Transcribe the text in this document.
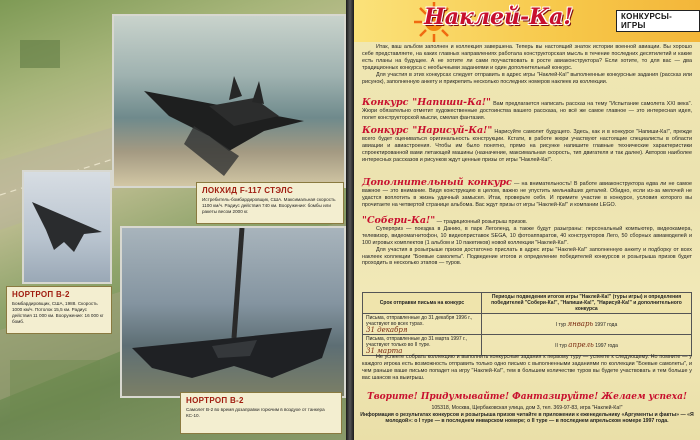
ЛОКХИД F-117 СТЭЛС
Истребитель-бомбардировщик, США. Максимальная скорость 1100 км/ч. Радиус действия 740 км. Вооружение: бомбы или ракеты весом 2000 кг.
НОРТРОП В-2
Бомбардировщик, США, 1988. Скорость 1000 км/ч. Потолок 15,5 км. Радиус действия 11 000 км. Вооружение: 16 000 кг бомб.
НОРТРОП В-2
Самолет В-2 во время дозаправки горючим в воздухе от танкера КС-10.
Наклей-Ка!	КОНКУРСЫ-ИГРЫ

Итак, ваш альбом заполнен и коллекция завершена. Теперь вы настоящий знаток истории военной авиации. Вы хорошо себе представляете, на каких главных направлениях работала конструкторская мысль в течение последних десятилетий и какие есть планы на будущее. А не хотите ли сами поучаствовать в росте авиаконструктора? Если хотите, то для вас — два традиционных конкурса с необычными заданиями и один дополнительный конкурс.

Для участия в этих конкурсах следует отправить в адрес игры "Наклей-Ка!" выполненные конкурсные задания (рассказ или рисунок), заполненную анкету и прикрепить несколько последних номеров наклеек из коллекции.

Конкурс "Напиши-Ка!" Вам предлагается написать рассказ на тему "Испытание самолета XXI века". Жюри обязательно отметит художественные достоинства вашего рассказа, но всё же самое главное — это интересная идея, полет конструкторской мысли, смелая фантазия.
Конкурс "Нарисуй-Ка!" Нарисуйте самолет будущего. Здесь, как и в конкурсе "Напиши-Ка!", прежде всего будет оцениваться оригинальность конструкции. Кстати, в работе жюри участвуют настоящие специалисты в области авиации и авиастроения. Чтобы им было понятно, прямо на рисунке напишите главные технические характеристики спроектированной вами летающей машины (назначение, максимальная скорость, тип двигателя и так далее). Авторов наиболее интересных рассказов и рисунков ждут ценные призы от игры "Наклей-Ка!".
Дополнительный конкурс — на внимательность! В работе авиаконструктора едва ли не самое важное — это внимание. Видя конструкцию в целом, важно не упустить мельчайших деталей. Обидно, если из-за мелочей не удастся воплотить в жизнь удачный замысел. Итак, проверьте себя. И примите участие в конкурсе, условия которого вы прочитаете на четвертой странице альбома. Вас ждут призы от игры "Наклей-Ка!" и компании LEGO.
"Собери-Ка!" — традиционный розыгрыш призов.

Суперприз — поездка в Данию, в парк Леголенд, а также будут разыграны: персональный компьютер, видеокамера, телевизор, видеомагнитофон, 10 видеоприставок SEGA, 10 фотоаппаратов, 40 конструкторов Лего, 50 сборных авиамоделей и 100 игровых комплектов (1 альбом и 10 пакетиков) новой коллекции "Наклей-Ка!".

Для участия в розыгрыше призов достаточно прислать в адрес игры "Наклей-Ка!" заполненную анкету и подборку от всех наклеек коллекции "Боевые самолеты". Подведение итогов и определение победителей конкурсов и розыгрыша призов будет проходить в несколько этапов — туров.

Срок отправки письма на конкурс	Периоды подведения итогов игры "Наклей-Ка!" (туры игры) и определения победителей "Собери-Ка!", "Напиши-Ка!", "Нарисуй-Ка!" и дополнительного конкурса
Письма, отправленные до 31 декабря 1996 г., участвуют во всех турах.
31 декабря	I тур январь 1997 года
Письма, отправленные до 31 марта 1997 г., участвуют только во II туре.
31 марта	II тур апрель 1997 года

Не успеете собрать коллекцию и выполнить конкурсные задания к первому туру — успеете к следующему. Но помните — у каждого игрока есть возможность отправить только одно письмо с выполненными заданиями по коллекции "Боевые самолеты", и чем раньше ваше письмо попадет на игру "Наклей-Ка!", тем в большем количестве туров вы будете участвовать и тем больше у вас шансов на выигрыш.

Творите! Придумывайте! Фантазируйте! Желаем успеха!
105318, Москва, Щербаковская улица, дом 3, тел. 369-97-83, игра "Наклей-Ка!"
Информация о результатах конкурсов и розыгрыша призов читайте в приложении к еженедельнику «Аргументы и факты» — «Я молодой»: о I туре — в последнем январском номере; о II туре — в последнем апрельском номере 1997 года.
